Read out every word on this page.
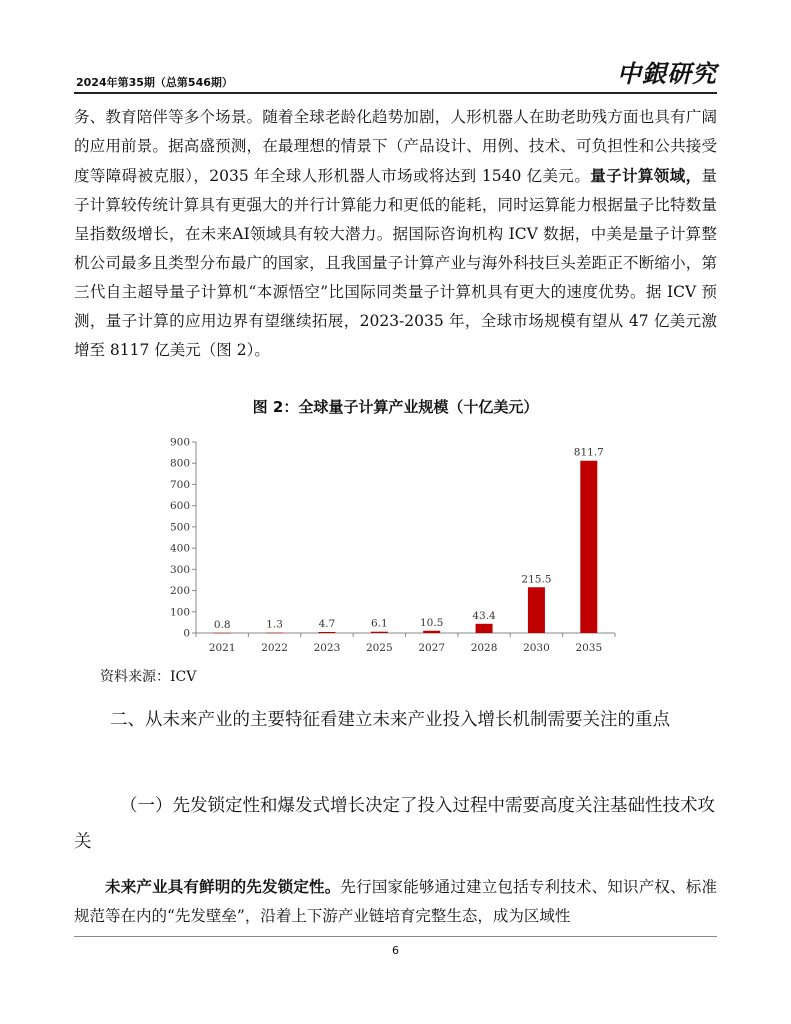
2024年第35期（总第546期）	中銀研究

务、教育陪伴等多个场景。随着全球老龄化趋势加剧，人形机器人在助老助残方面也具有广阔的应用前景。据高盛预测，在最理想的情景下（产品设计、用例、技术、可负担性和公共接受度等障碍被克服），2035 年全球人形机器人市场或将达到 1540 亿美元。量子计算领域，量子计算较传统计算具有更强大的并行计算能力和更低的能耗，同时运算能力根据量子比特数量呈指数级增长，在未来AI领域具有较大潜力。据国际咨询机构 ICV 数据，中美是量子计算整机公司最多且类型分布最广的国家，且我国量子计算产业与海外科技巨头差距正不断缩小，第三代自主超导量子计算机“本源悟空”比国际同类量子计算机具有更大的速度优势。据 ICV 预测，量子计算的应用边界有望继续拓展，2023-2035 年，全球市场规模有望从 47 亿美元激增至 8117 亿美元（图 2）。

图 2：全球量子计算产业规模（十亿美元）
0
100
200
300
400
500
600
700
800
900
0.8	1.3	4.7	6.1	10.5
43.4
215.5
811.7
2021 2022 2023 2025 2027 2028 2030 2035
资料来源：ICV
二、从未来产业的主要特征看建立未来产业投入增长机制需要关注的重点
（一）先发锁定性和爆发式增长决定了投入过程中需要高度关注基础性技术攻关

未来产业具有鲜明的先发锁定性。先行国家能够通过建立包括专利技术、知识产权、标准规范等在内的“先发壁垒”，沿着上下游产业链培育完整生态，成为区域性

6
